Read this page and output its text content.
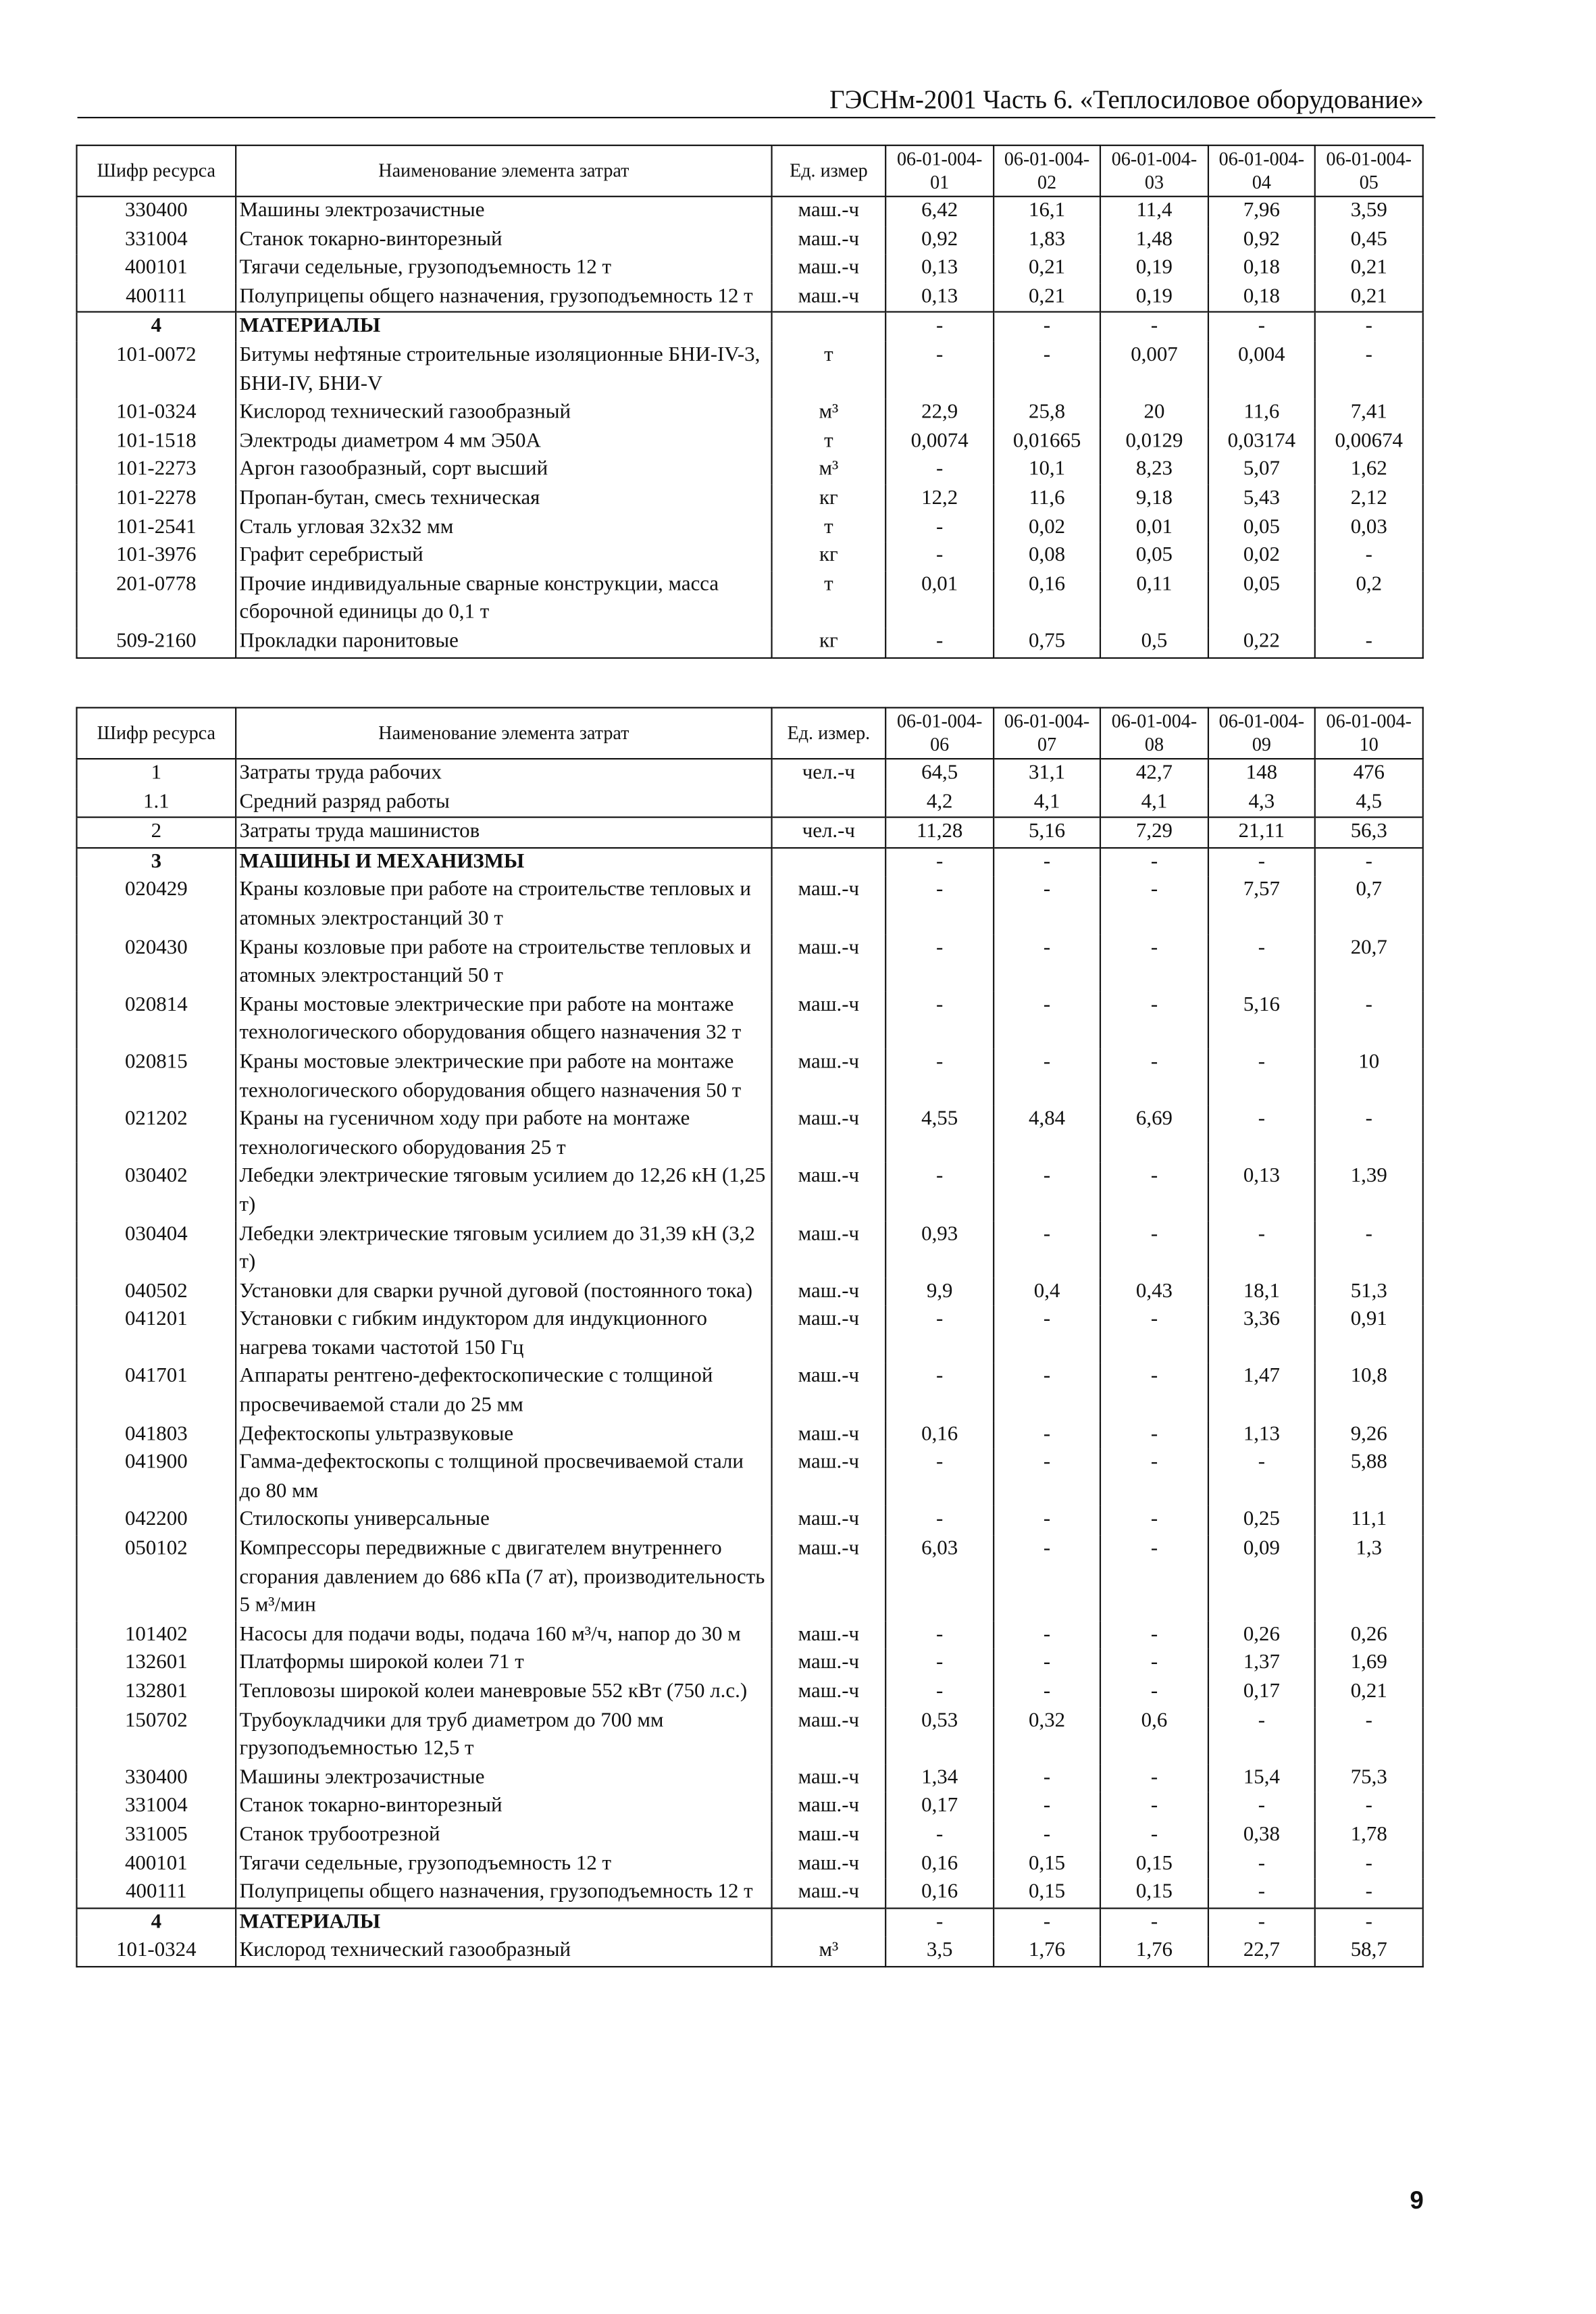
ГЭСНм-2001 Часть 6. «Теплосиловое оборудование»
Шифр ресурса	Наименование элемента затрат	Ед. измер	06-01-004-01	06-01-004-02	06-01-004-03	06-01-004-04	06-01-004-05
330400	Машины электрозачистные	маш.-ч	6,42	16,1	11,4	7,96	3,59
331004	Станок токарно-винторезный	маш.-ч	0,92	1,83	1,48	0,92	0,45
400101	Тягачи седельные, грузоподъемность 12 т	маш.-ч	0,13	0,21	0,19	0,18	0,21
400111	Полуприцепы общего назначения, грузоподъемность 12 т	маш.-ч	0,13	0,21	0,19	0,18	0,21
4	МАТЕРИАЛЫ		-	-	-	-	-
101-0072	Битумы нефтяные строительные изоляционные БНИ-IV-3, БНИ-IV, БНИ-V	т	-	-	0,007	0,004	-
101-0324	Кислород технический газообразный	м³	22,9	25,8	20	11,6	7,41
101-1518	Электроды диаметром 4 мм Э50А	т	0,0074	0,01665	0,0129	0,03174	0,00674
101-2273	Аргон газообразный, сорт высший	м³	-	10,1	8,23	5,07	1,62
101-2278	Пропан-бутан, смесь техническая	кг	12,2	11,6	9,18	5,43	2,12
101-2541	Сталь угловая 32х32 мм	т	-	0,02	0,01	0,05	0,03
101-3976	Графит серебристый	кг	-	0,08	0,05	0,02	-
201-0778	Прочие индивидуальные сварные конструкции, масса сборочной единицы до 0,1 т	т	0,01	0,16	0,11	0,05	0,2
509-2160	Прокладки паронитовые	кг	-	0,75	0,5	0,22	-
Шифр ресурса	Наименование элемента затрат	Ед. измер.	06-01-004-06	06-01-004-07	06-01-004-08	06-01-004-09	06-01-004-10
1	Затраты труда рабочих	чел.-ч	64,5	31,1	42,7	148	476
1.1	Средний разряд работы		4,2	4,1	4,1	4,3	4,5
2	Затраты труда машинистов	чел.-ч	11,28	5,16	7,29	21,11	56,3
3	МАШИНЫ И МЕХАНИЗМЫ		-	-	-	-	-
020429	Краны козловые при работе на строительстве тепловых и атомных электростанций 30 т	маш.-ч	-	-	-	7,57	0,7
020430	Краны козловые при работе на строительстве тепловых и атомных электростанций 50 т	маш.-ч	-	-	-	-	20,7
020814	Краны мостовые электрические при работе на монтаже технологического оборудования общего назначения 32 т	маш.-ч	-	-	-	5,16	-
020815	Краны мостовые электрические при работе на монтаже технологического оборудования общего назначения 50 т	маш.-ч	-	-	-	-	10
021202	Краны на гусеничном ходу при работе на монтаже технологического оборудования 25 т	маш.-ч	4,55	4,84	6,69	-	-
030402	Лебедки электрические тяговым усилием до 12,26 кН (1,25 т)	маш.-ч	-	-	-	0,13	1,39
030404	Лебедки электрические тяговым усилием до 31,39 кН (3,2 т)	маш.-ч	0,93	-	-	-	-
040502	Установки для сварки ручной дуговой (постоянного тока)	маш.-ч	9,9	0,4	0,43	18,1	51,3
041201	Установки с гибким индуктором для индукционного нагрева токами частотой 150 Гц	маш.-ч	-	-	-	3,36	0,91
041701	Аппараты рентгено-дефектоскопические с толщиной просвечиваемой стали до 25 мм	маш.-ч	-	-	-	1,47	10,8
041803	Дефектоскопы ультразвуковые	маш.-ч	0,16	-	-	1,13	9,26
041900	Гамма-дефектоскопы с толщиной просвечиваемой стали до 80 мм	маш.-ч	-	-	-	-	5,88
042200	Стилоскопы универсальные	маш.-ч	-	-	-	0,25	11,1
050102	Компрессоры передвижные с двигателем внутреннего сгорания давлением до 686 кПа (7 ат), производительность 5 м³/мин	маш.-ч	6,03	-	-	0,09	1,3
101402	Насосы для подачи воды, подача 160 м³/ч, напор до 30 м	маш.-ч	-	-	-	0,26	0,26
132601	Платформы широкой колеи 71 т	маш.-ч	-	-	-	1,37	1,69
132801	Тепловозы широкой колеи маневровые 552 кВт (750 л.с.)	маш.-ч	-	-	-	0,17	0,21
150702	Трубоукладчики для труб диаметром до 700 мм грузоподъемностью 12,5 т	маш.-ч	0,53	0,32	0,6	-	-
330400	Машины электрозачистные	маш.-ч	1,34	-	-	15,4	75,3
331004	Станок токарно-винторезный	маш.-ч	0,17	-	-	-	-
331005	Станок трубоотрезной	маш.-ч	-	-	-	0,38	1,78
400101	Тягачи седельные, грузоподъемность 12 т	маш.-ч	0,16	0,15	0,15	-	-
400111	Полуприцепы общего назначения, грузоподъемность 12 т	маш.-ч	0,16	0,15	0,15	-	-
4	МАТЕРИАЛЫ		-	-	-	-	-
101-0324	Кислород технический газообразный	м³	3,5	1,76	1,76	22,7	58,7
9
